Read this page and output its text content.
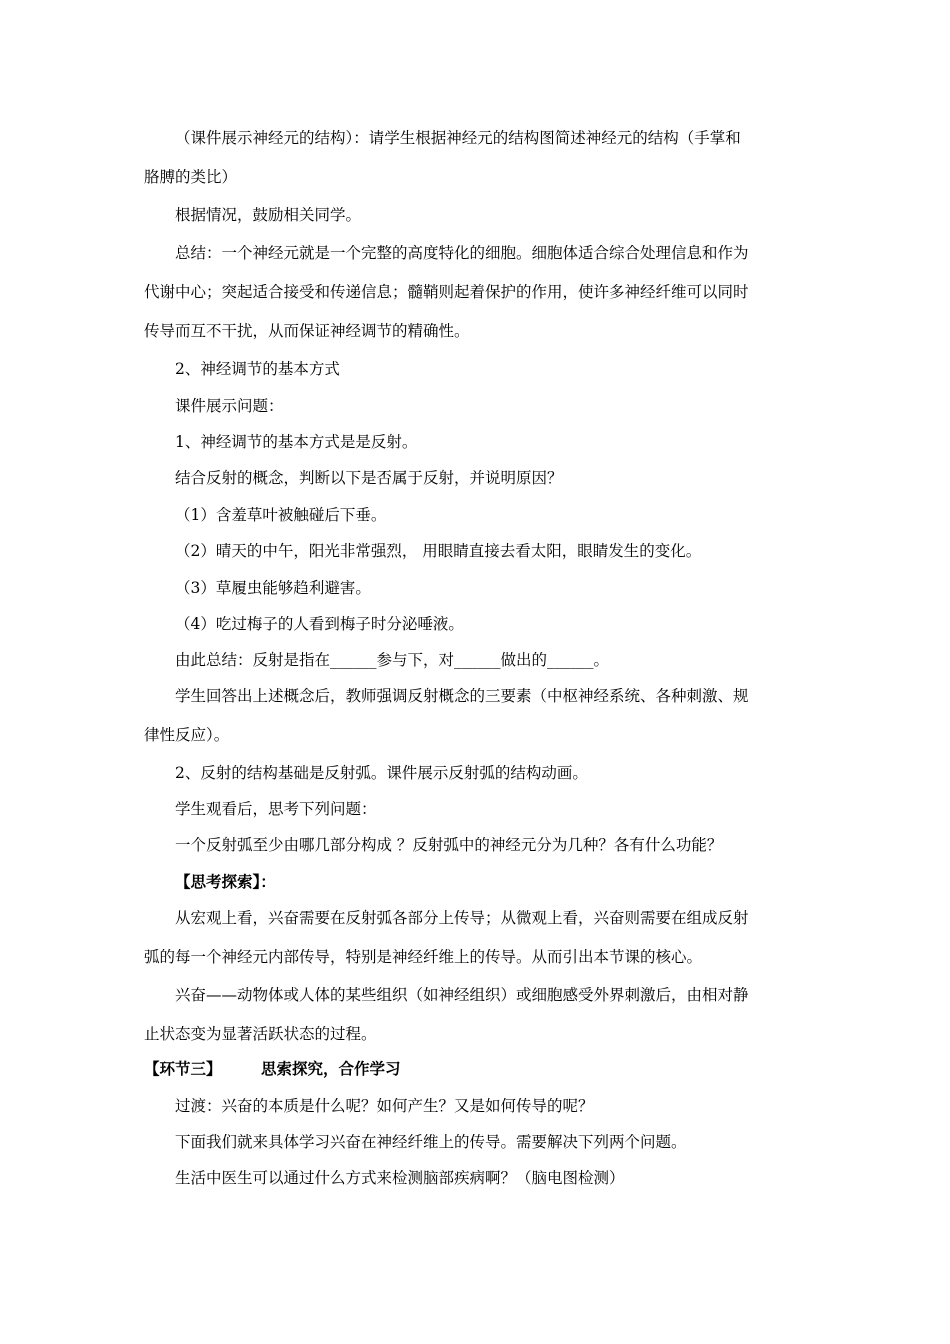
（课件展示神经元的结构）：请学生根据神经元的结构图简述神经元的结构（手掌和
胳膊的类比）
根据情况，鼓励相关同学。
总结：一个神经元就是一个完整的高度特化的细胞。细胞体适合综合处理信息和作为
代谢中心；突起适合接受和传递信息；髓鞘则起着保护的作用，使许多神经纤维可以同时
传导而互不干扰，从而保证神经调节的精确性。
2、神经调节的基本方式
课件展示问题：
1、神经调节的基本方式是是反射。
结合反射的概念，判断以下是否属于反射，并说明原因？
（1）含羞草叶被触碰后下垂。
（2）晴天的中午，阳光非常强烈， 用眼睛直接去看太阳，眼睛发生的变化。
（3）草履虫能够趋利避害。
（4）吃过梅子的人看到梅子时分泌唾液。
由此总结：反射是指在______参与下，对______做出的______。
学生回答出上述概念后，教师强调反射概念的三要素（中枢神经系统、各种刺激、规
律性反应）。
2、反射的结构基础是反射弧。课件展示反射弧的结构动画。
学生观看后，思考下列问题：
一个反射弧至少由哪几部分构成 ？反射弧中的神经元分为几种？各有什么功能？
【思考探索】：
从宏观上看，兴奋需要在反射弧各部分上传导；从微观上看，兴奋则需要在组成反射
弧的每一个神经元内部传导，特别是神经纤维上的传导。从而引出本节课的核心。
兴奋——动物体或人体的某些组织（如神经组织）或细胞感受外界刺激后，由相对静
止状态变为显著活跃状态的过程。
【环节三】	思索探究，合作学习
过渡：兴奋的本质是什么呢？如何产生？又是如何传导的呢？
下面我们就来具体学习兴奋在神经纤维上的传导。需要解决下列两个问题。
生活中医生可以通过什么方式来检测脑部疾病啊？（脑电图检测）
